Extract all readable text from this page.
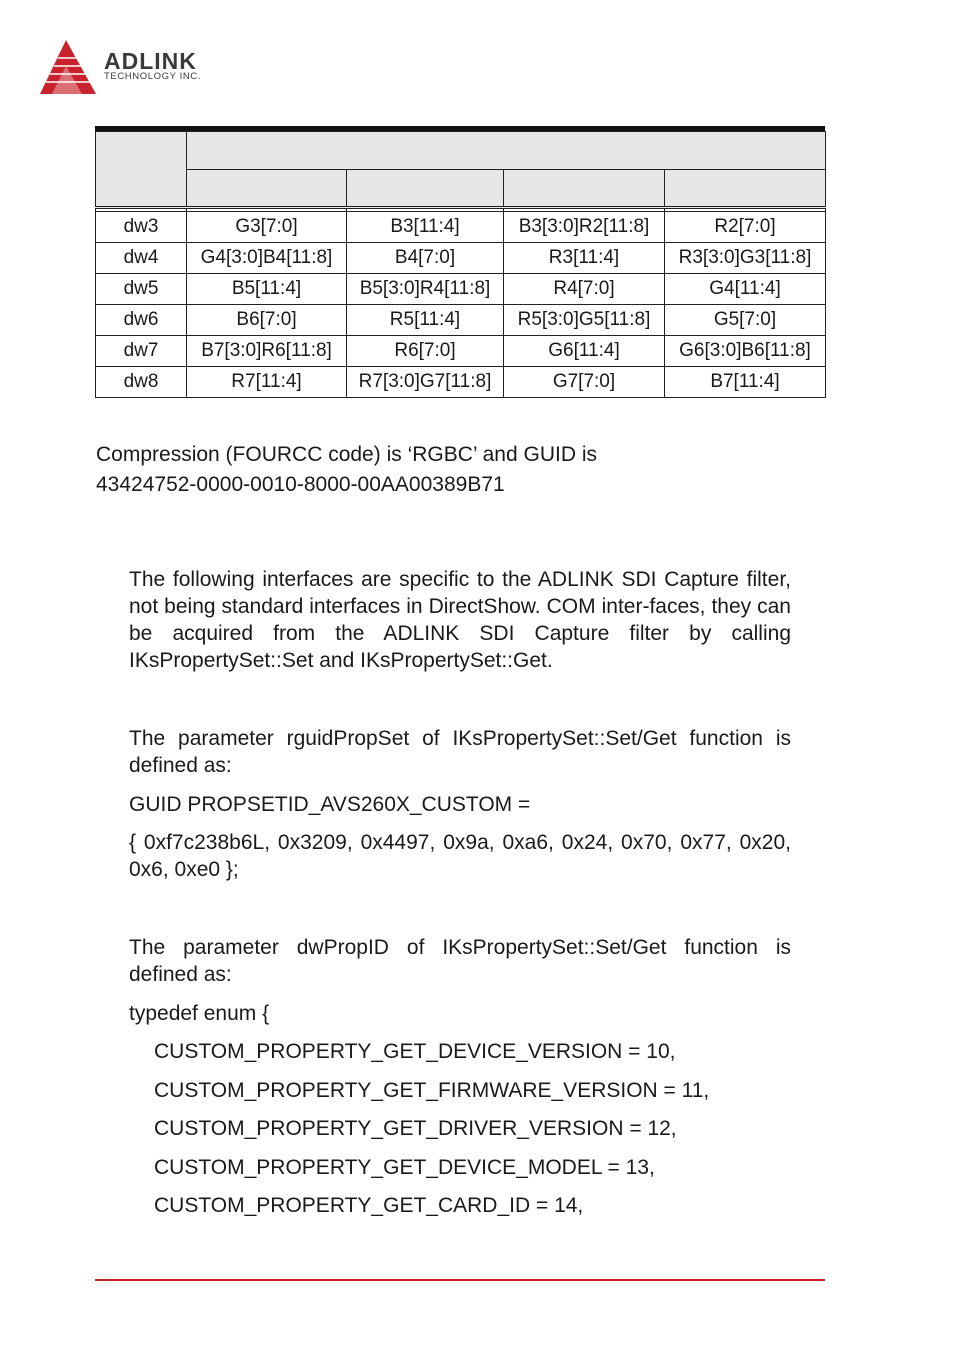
ADLINK
TECHNOLOGY INC.

dw3	G3[7:0]	B3[11:4]	B3[3:0]R2[11:8]	R2[7:0]
dw4	G4[3:0]B4[11:8]	B4[7:0]	R3[11:4]	R3[3:0]G3[11:8]
dw5	B5[11:4]	B5[3:0]R4[11:8]	R4[7:0]	G4[11:4]
dw6	B6[7:0]	R5[11:4]	R5[3:0]G5[11:8]	G5[7:0]
dw7	B7[3:0]R6[11:8]	R6[7:0]	G6[11:4]	G6[3:0]B6[11:8]
dw8	R7[11:4]	R7[3:0]G7[11:8]	G7[7:0]	B7[11:4]

Compression (FOURCC code) is ‘RGBC’ and GUID is

43424752-0000-0010-8000-00AA00389B71

The following interfaces are specific to the ADLINK SDI Capture filter, not being standard interfaces in DirectShow. COM inter-faces, they can be acquired from the ADLINK SDI Capture filter by calling IKsPropertySet::Set and IKsPropertySet::Get.

The parameter rguidPropSet of IKsPropertySet::Set/Get function is defined as:

GUID PROPSETID_AVS260X_CUSTOM =

{ 0xf7c238b6L, 0x3209, 0x4497, 0x9a, 0xa6, 0x24, 0x70, 0x77, 0x20, 0x6, 0xe0 };

The parameter dwPropID of IKsPropertySet::Set/Get function is defined as:

typedef enum {

CUSTOM_PROPERTY_GET_DEVICE_VERSION = 10,

CUSTOM_PROPERTY_GET_FIRMWARE_VERSION = 11,

CUSTOM_PROPERTY_GET_DRIVER_VERSION = 12,

CUSTOM_PROPERTY_GET_DEVICE_MODEL = 13,

CUSTOM_PROPERTY_GET_CARD_ID = 14,
